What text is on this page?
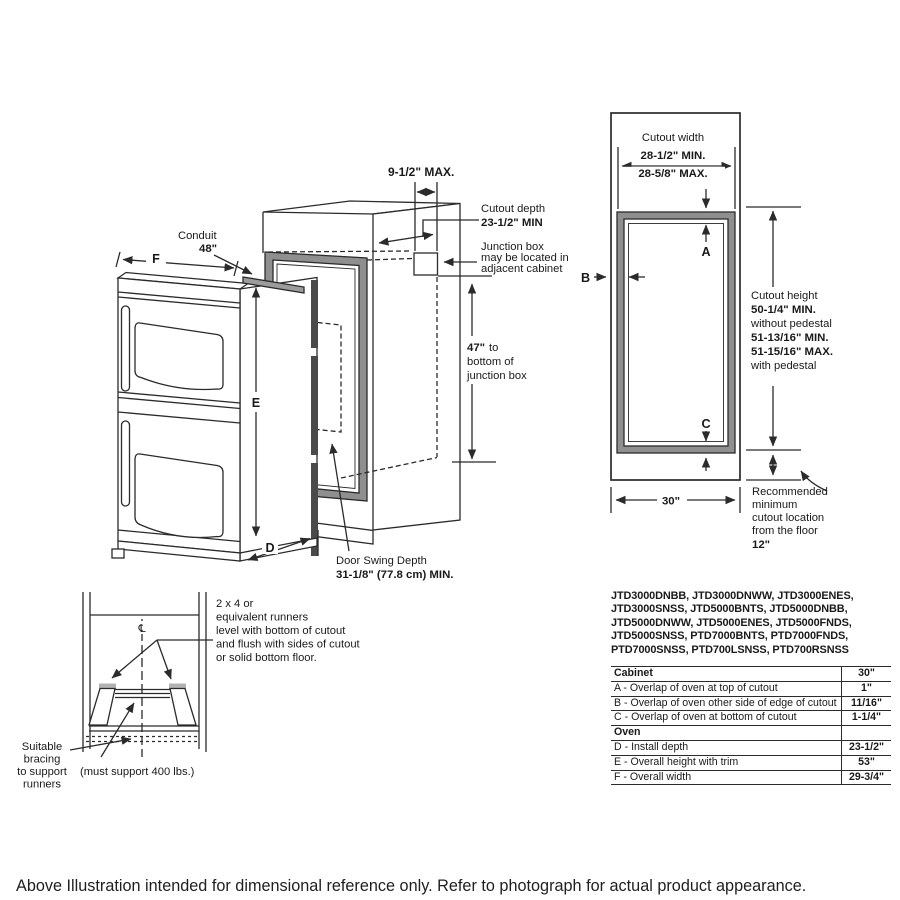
F
Conduit
48"
9-1/2" MAX.
Cutout depth
23-1/2" MIN
Junction box
may be located in
adjacent cabinet
47" to
bottom of
junction box
E
D
Door Swing Depth
31-1/8" (77.8 cm) MIN.
B
Cutout width
28-1/2" MIN.
28-5/8" MAX.
A
C
Cutout height
50-1/4" MIN.
without pedestal
51-13/16" MIN.
51-15/16" MAX.
with pedestal
30"
Recommended
minimum
cutout location
from the floor
12"
℄
2 x 4 or
equivalent runners
level with bottom of cutout
and flush with sides of cutout
or solid bottom floor.
Suitable
bracing
to support
runners
(must support 400 lbs.)
JTD3000DNBB, JTD3000DNWW, JTD3000ENES,
JTD3000SNSS, JTD5000BNTS, JTD5000DNBB,
JTD5000DNWW, JTD5000ENES, JTD5000FNDS,
JTD5000SNSS, PTD7000BNTS, PTD7000FNDS,
PTD7000SNSS, PTD700LSNSS, PTD700RSNSS
Cabinet	30"
A - Overlap of oven at top of cutout	1"
B - Overlap of oven other side of edge of cutout	11/16"
C - Overlap of oven at bottom of cutout	1-1/4"
Oven
D - Install depth	23-1/2"
E - Overall height with trim	53"
F - Overall width	29-3/4"
Above Illustration intended for dimensional reference only. Refer to photograph for actual product appearance.
